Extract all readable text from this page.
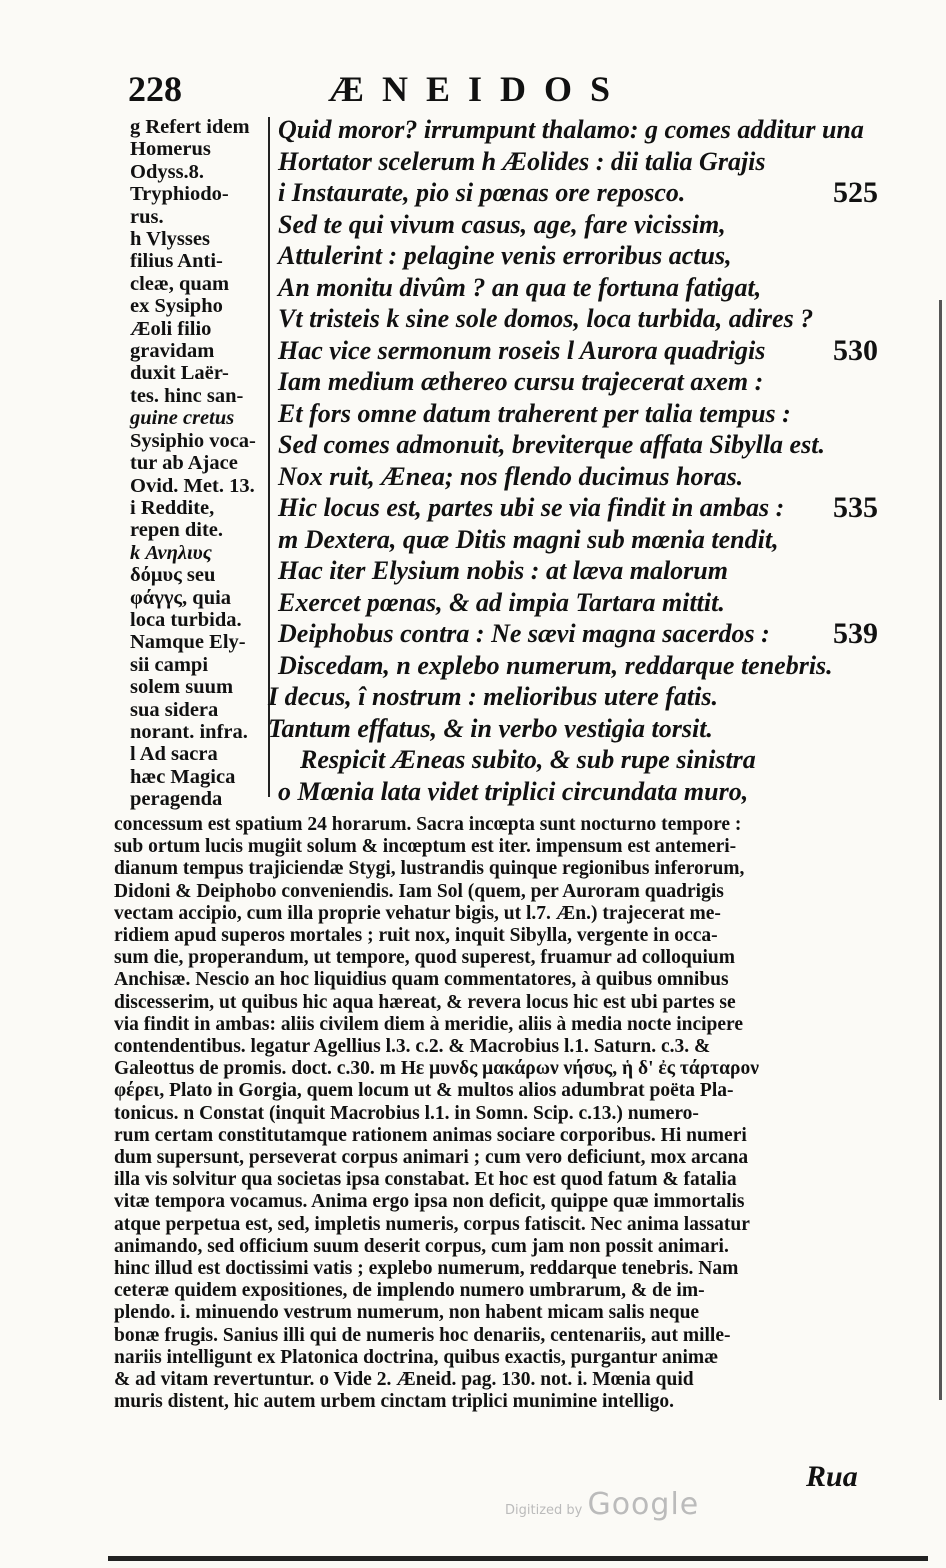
228	ÆNEIDOS
g Refert idem
Homerus
Odyss.8.
Tryphiodo-
rus.
h Vlysses
filius Anti-
cleæ, quam
ex Sysipho
Æoli filio
gravidam
duxit Laër-
tes. hinc san-
guine cretus
Sysiphio voca-
tur ab Ajace
Ovid. Met. 13.
i Reddite,
repen dite.
k Ανηλιυς
δόμυς seu
φάγγς, quia
loca turbida.
Namque Ely-
sii campi
solem suum
sua sidera
norant. infra.
l Ad sacra
hæc Magica
peragenda
Quid moror? irrumpunt thalamo: g comes additur una
Hortator scelerum h Æolides : dii talia Grajis
i Instaurate, pio si pœnas ore reposco.	525
Sed te qui vivum casus, age, fare vicissim,
Attulerint : pelagine venis erroribus actus,
An monitu divûm ? an qua te fortuna fatigat,
Vt tristeis k sine sole domos, loca turbida, adires ?
Hac vice sermonum roseis l Aurora quadrigis 530
Iam medium æthereo cursu trajecerat axem :
Et fors omne datum traherent per talia tempus :
Sed comes admonuit, breviterque affata Sibylla est.
Nox ruit, Ænea; nos flendo ducimus horas.
Hic locus est, partes ubi se via findit in ambas : 535
m Dextera, quæ Ditis magni sub mœnia tendit,
Hac iter Elysium nobis : at læva malorum
Exercet pœnas, & ad impia Tartara mittit.
Deiphobus contra : Ne sævi magna sacerdos : 539
Discedam, n explebo numerum, reddarque tenebris.
I decus, î nostrum : melioribus utere fatis.
Tantum effatus, & in verbo vestigia torsit.
Respicit Æneas subito, & sub rupe sinistra
o Mœnia lata videt triplici circundata muro,
concessum est spatium 24 horarum. Sacra incœpta sunt nocturno tempore :
sub ortum lucis mugiit solum & incœptum est iter. impensum est antemeri-
dianum tempus trajiciendæ Stygi, lustrandis quinque regionibus inferorum,
Didoni & Deiphobo conveniendis. Iam Sol (quem, per Auroram quadrigis
vectam accipio, cum illa proprie vehatur bigis, ut l.7. Æn.) trajecerat me-
ridiem apud superos mortales ; ruit nox, inquit Sibylla, vergente in occa-
sum die, properandum, ut tempore, quod superest, fruamur ad colloquium
Anchisæ. Nescio an hoc liquidius quam commentatores, à quibus omnibus
discesserim, ut quibus hic aqua hæreat, & revera locus hic est ubi partes se
via findit in ambas: aliis civilem diem à meridie, aliis à media nocte incipere
contendentibus. legatur Agellius l.3. c.2. & Macrobius l.1. Saturn. c.3. &
Galeottus de promis. doct. c.30. m Hε μυνδς μακάρων νήσυς, ἡ δ' ἐς τάρταρον
φέρει, Plato in Gorgia, quem locum ut & multos alios adumbrat poëta Pla-
tonicus. n Constat (inquit Macrobius l.1. in Somn. Scip. c.13.) numero-
rum certam constitutamque rationem animas sociare corporibus. Hi numeri
dum supersunt, perseverat corpus animari ; cum vero deficiunt, mox arcana
illa vis solvitur qua societas ipsa constabat. Et hoc est quod fatum & fatalia
vitæ tempora vocamus. Anima ergo ipsa non deficit, quippe quæ immortalis
atque perpetua est, sed, impletis numeris, corpus fatiscit. Nec anima lassatur
animando, sed officium suum deserit corpus, cum jam non possit animari.
hinc illud est doctissimi vatis ; explebo numerum, reddarque tenebris. Nam
ceteræ quidem expositiones, de implendo numero umbrarum, & de im-
plendo. i. minuendo vestrum numerum, non habent micam salis neque
bonæ frugis. Sanius illi qui de numeris hoc denariis, centenariis, aut mille-
nariis intelligunt ex Platonica doctrina, quibus exactis, purgantur animæ
& ad vitam revertuntur. o Vide 2. Æneid. pag. 130. not. i. Mœnia quid
muris distent, hic autem urbem cinctam triplici munimine intelligo.
Rua
Digitized by Google
